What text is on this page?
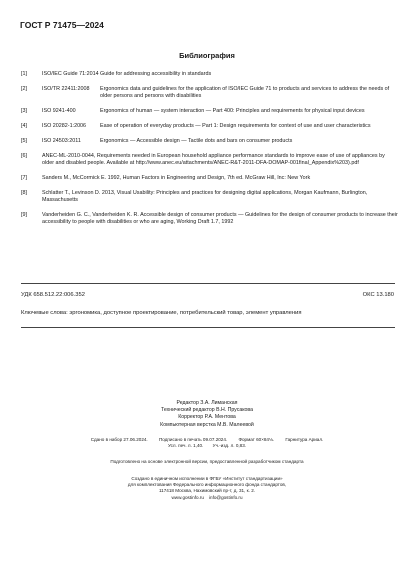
ГОСТ Р 71475—2024
Библиография
[1]	ISO/IEC Guide 71:2014 Guide for addressing accessibility in standards
[2]	ISO/TR 22411:2008 Ergonomics data and guidelines for the application of ISO/IEC Guide 71 to products and services to address the needs of older persons and persons with disabilities
[3]	ISO 9241-400	Ergonomics of human — system interaction — Part 400: Principles and requirements for physical input devices
[4]	ISO 20282-1:2006	Ease of operation of everyday products — Part 1: Design requirements for context of use and user characteristics
[5]	ISO 24503:2011	Ergonomics — Accessible design — Tactile dots and bars on consumer products
[6]	ANEC-ML-2010-0044, Requirements needed in European household appliance performance standards to improve ease of use of appliances by older and disabled people. Available at http://www.anec.eu/attachments/ANEC-R&T-2011-DFA-DOMAP-001final_Appendix%203).pdf
[7]	Sanders M., McCormick E. 1992, Human Factors in Engineering and Design, 7th ed. McGraw Hill, Inc: New York
[8]	Schlatter T., Levinson D. 2013, Visual Usability: Principles and practices for designing digital applications, Morgan Kaufmann, Burlington, Massachusetts
[9]	Vanderheiden G. C., Vanderheiden K. R. Accessible design of consumer products — Guidelines for the design of consumer products to increase their accessibility to people with disabilities or who are aging, Working Draft 1.7, 1992
УДК 658.512.22:006.352	ОКС 13.180
Ключевые слова: эргономика, доступное проектирование, потребительский товар, элемент управления
Редактор З.А. Лиманская
Технический редактор В.Н. Прусакова
Корректор Р.А. Ментова
Компьютерная верстка М.В. Малеевой
Сдано в набор 27.06.2024. Подписано в печать 09.07.2024. Формат 60×84⅛. Гарнитура Ариал.
Усл. печ. л. 1,40. Уч.-изд. л. 0,83.
Подготовлено на основе электронной версии, предоставленной разработчиком стандарта
Создано в единичном исполнении в ФГБУ «Институт стандартизации»
для комплектования Федерального информационного фонда стандартов,
117418 Москва, Нахимовский пр-т, д. 31, к. 2.
www.gostinfo.ru    info@gostinfo.ru
